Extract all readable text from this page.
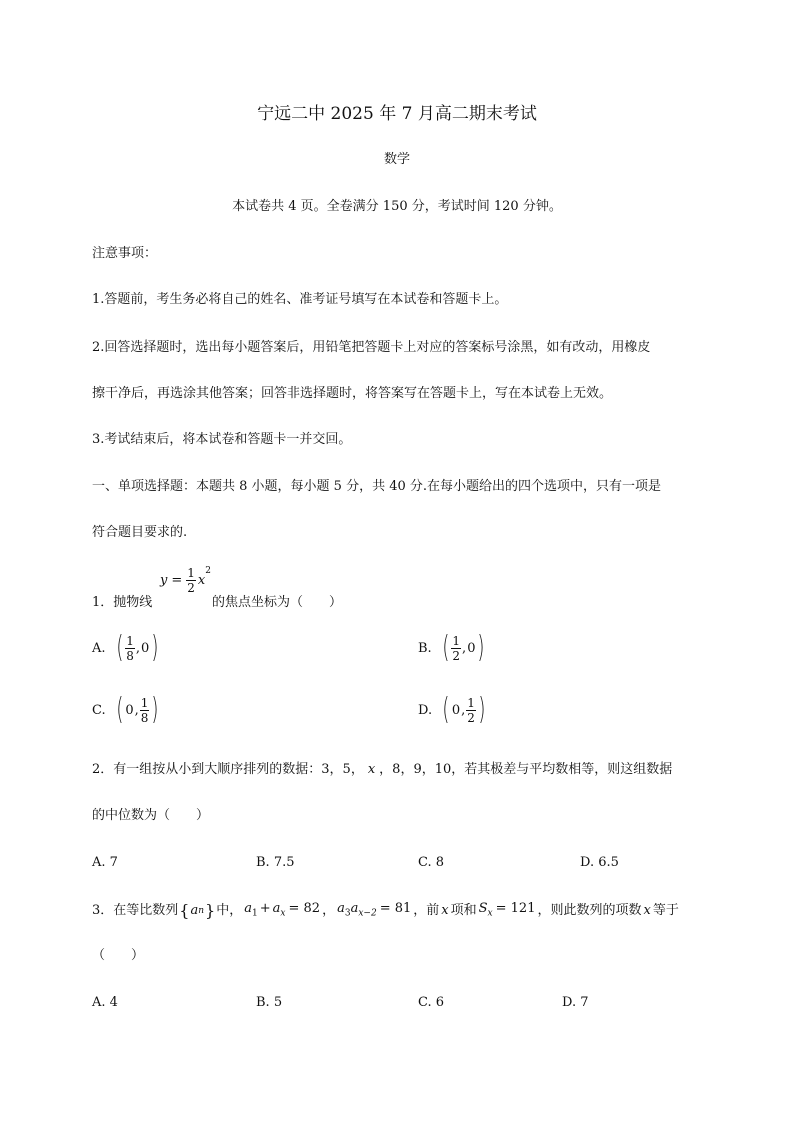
宁远二中 2025 年 7 月高二期末考试
数学
本试卷共 4 页。全卷满分 150 分，考试时间 120 分钟。
注意事项：
1.答题前，考生务必将自己的姓名、准考证号填写在本试卷和答题卡上。
2.回答选择题时，选出每小题答案后，用铅笔把答题卡上对应的答案标号涂黑，如有改动，用橡皮
擦干净后，再选涂其他答案；回答非选择题时，将答案写在答题卡上，写在本试卷上无效。
3.考试结束后，将本试卷和答题卡一并交回。
一、单项选择题：本题共 8 小题，每小题 5 分，共 40 分.在每小题给出的四个选项中，只有一项是
符合题目要求的.
1．抛物线
$y = \frac{1}{2}$ x
$^2$
的焦点坐标为（　　）
A. ( $\frac{1}{8}$ , 0 )	B. ( $\frac{1}{2}$ , 0 )
C. ( 0 , $\frac{1}{8}$ )	D. ( 0 , $\frac{1}{2}$ )
2．有一组按从小到大顺序排列的数据：3，5， x ，8，9，10，若其极差与平均数相等，则这组数据
的中位数为（　　）
A. 7	B. 7.5	C. 8	D. 6.5
3．在等比数列 { a n } 中， $a_1 + a_x = 82$ ， $a_3a_{x-2} = 81$ ，前 x 项和 $S_x = 121$ ，则此数列的项数 x 等于
（　　）
A. 4	B. 5	C. 6	D. 7
